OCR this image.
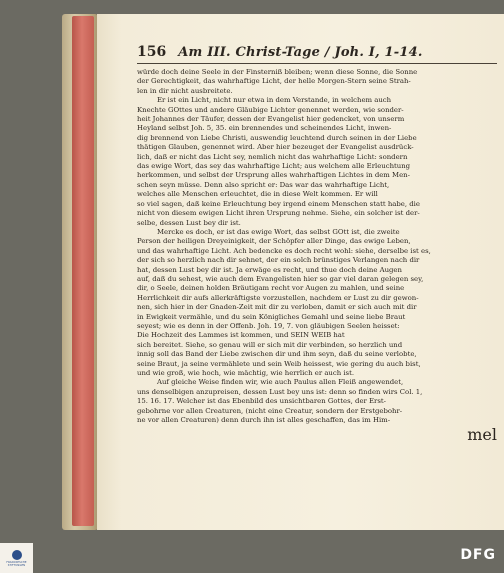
156 Am III. Christ-Tage / Joh. I, 1-14.
würde doch deine Seele in der Finsterniß bleiben; wenn diese Sonne, die Sonne
der Gerechtigkeit, das wahrhaftige Licht, der helle Morgen-Stern seine Strah-
len in dir nicht ausbreitete.
Er ist ein Licht, nicht nur etwa in dem Verstande, in welchem auch
Knechte GOttes und andere Gläubige Lichter genennet werden, wie sonder-
heit Johannes der Täufer, dessen der Evangelist hier gedencket, von unserm
Heyland selbst Joh. 5, 35. ein brennendes und scheinendes Licht, inwen-
dig brennend von Liebe Christi, auswendig leuchtend durch seinen in der Liebe
thätigen Glauben, genennet wird. Aber hier bezeuget der Evangelist ausdrück-
lich, daß er nicht das Licht sey, nemlich nicht das wahrhaftige Licht: sondern
das ewige Wort, das sey das wahrhaftige Licht; aus welchem alle Erleuchtung
herkommen, und selbst der Ursprung alles wahrhaftigen Lichtes in dem Men-
schen seyn müsse. Denn also spricht er: Das war das wahrhaftige Licht,
welches alle Menschen erleuchtet, die in diese Welt kommen. Er will
so viel sagen, daß keine Erleuchtung bey irgend einem Menschen statt habe, die
nicht von diesem ewigen Licht ihren Ursprung nehme. Siehe, ein solcher ist der-
selbe, dessen Lust bey dir ist.
Mercke es doch, er ist das ewige Wort, das selbst GOtt ist, die zweite
Person der heiligen Dreyeinigkeit, der Schöpfer aller Dinge, das ewige Leben,
und das wahrhaftige Licht. Ach bedencke es doch recht wohl: siehe, derselbe ist es,
der sich so herzlich nach dir sehnet, der ein solch brünstiges Verlangen nach dir
hat, dessen Lust bey dir ist. Ja erwäge es recht, und thue doch deine Augen
auf, daß du sehest, wie auch dem Evangelisten hier so gar viel daran gelegen sey,
dir, o Seele, deinen holden Bräutigam recht vor Augen zu mahlen, und seine
Herrlichkeit dir aufs allerkräftigste vorzustellen, nachdem er Lust zu dir gewon-
nen, sich hier in der Gnaden-Zeit mit dir zu verloben, damit er sich auch mit dir
in Ewigkeit vermähle, und du sein Königliches Gemahl und seine liebe Braut
seyest; wie es denn in der Offenb. Joh. 19, 7. von gläubigen Seelen heisset:
Die Hochzeit des Lammes ist kommen, und SEIN WEIB hat
sich bereitet. Siehe, so genau will er sich mit dir verbinden, so herzlich und
innig soll das Band der Liebe zwischen dir und ihm seyn, daß du seine verlobte,
seine Braut, ja seine vermählete und sein Weib heissest, wie gering du auch bist,
und wie groß, wie hoch, wie mächtig, wie herrlich er auch ist.
Auf gleiche Weise finden wir, wie auch Paulus allen Fleiß angewendet,
uns denselbigen anzupreisen, dessen Lust bey uns ist: denn so finden wirs Col. 1,
15. 16. 17. Welcher ist das Ebenbild des unsichtbaren Gottes, der Erst-
gebohrne vor allen Creaturen, (nicht eine Creatur, sondern der Erstgebohr-
ne vor allen Creaturen) denn durch ihn ist alles geschaffen, das im Him-
mel
FRANCKESCHE STIFTUNGEN
DFG
